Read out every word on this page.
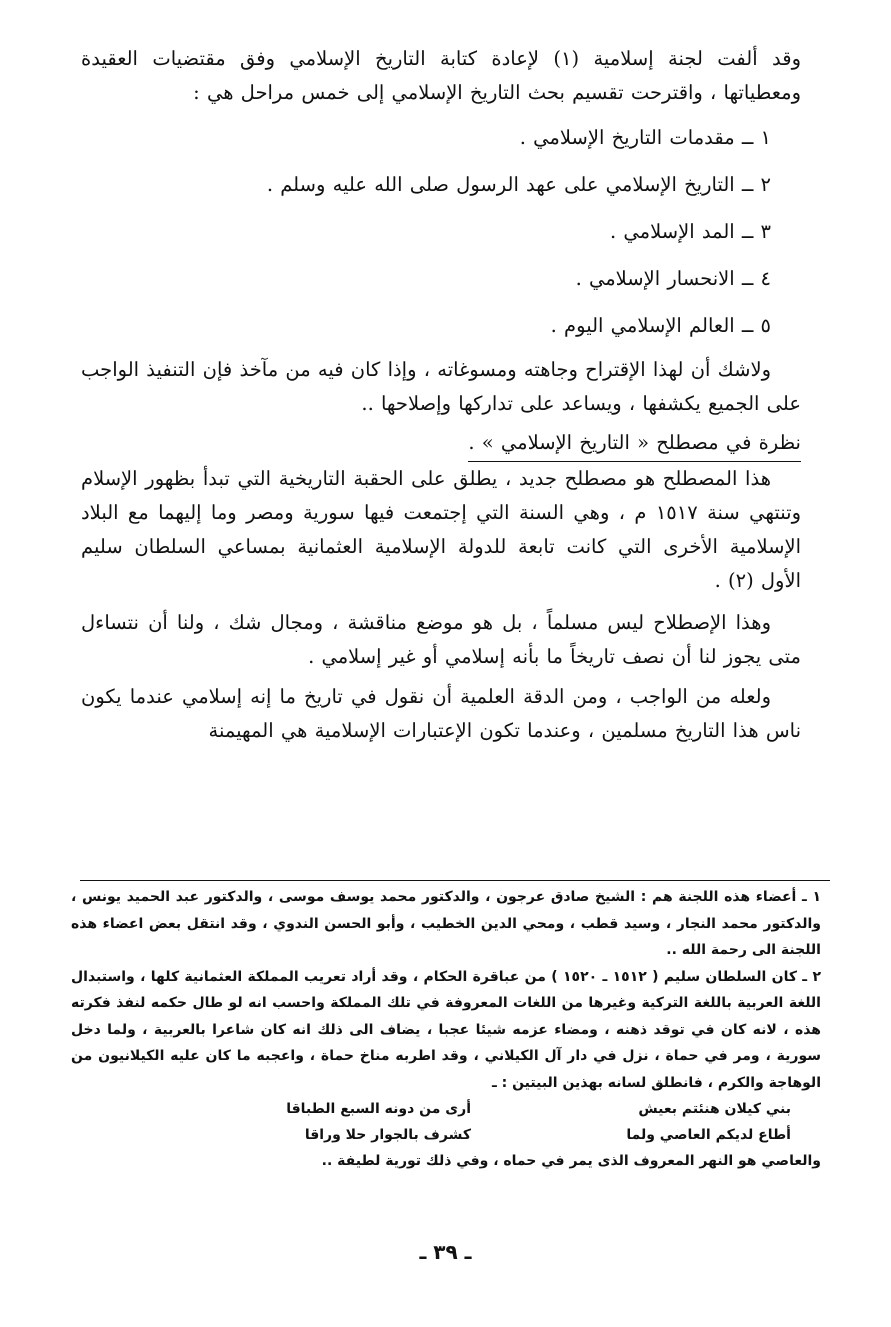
وقد ألفت لجنة إسلامية (١) لإعادة كتابة التاريخ الإسلامي وفق مقتضيات العقيدة ومعطياتها ، واقترحت تقسيم بحث التاريخ الإسلامي إلى خمس مراحل هي :

١ ــ مقدمات التاريخ الإسلامي .
٢ ــ التاريخ الإسلامي على عهد الرسول صلى الله عليه وسلم .
٣ ــ المد الإسلامي .
٤ ــ الانحسار الإسلامي .
٥ ــ العالم الإسلامي اليوم .

ولاشك أن لهذا الإقتراح وجاهته ومسوغاته ، وإذا كان فيه من مآخذ فإن التنفيذ الواجب على الجميع يكشفها ، ويساعد على تداركها وإصلاحها ..

نظرة في مصطلح « التاريخ الإسلامي » .

هذا المصطلح هو مصطلح جديد ، يطلق على الحقبة التاريخية التي تبدأ بظهور الإسلام وتنتهي سنة ١٥١٧ م ، وهي السنة التي إجتمعت فيها سورية ومصر وما إليهما مع البلاد الإسلامية الأخرى التي كانت تابعة للدولة الإسلامية العثمانية بمساعي السلطان سليم الأول (٢) .

وهذا الإصطلاح ليس مسلماً ، بل هو موضع مناقشة ، ومجال شك ، ولنا أن نتساءل متى يجوز لنا أن نصف تاريخاً ما بأنه إسلامي أو غير إسلامي .

ولعله من الواجب ، ومن الدقة العلمية أن نقول في تاريخ ما إنه إسلامي عندما يكون ناس هذا التاريخ مسلمين ، وعندما تكون الإعتبارات الإسلامية هي المهيمنة

١ ـ أعضاء هذه اللجنة هم : الشيخ صادق عرجون ، والدكتور محمد يوسف موسى ، والدكتور عبد الحميد يونس ، والدكتور محمد النجار ، وسيد قطب ، ومحي الدين الخطيب ، وأبو الحسن الندوي ، وقد انتقل بعض اعضاء هذه اللجنة الى رحمة الله ..

٢ ـ كان السلطان سليم ( ١٥١٢ ـ ١٥٢٠ ) من عباقرة الحكام ، وقد أراد تعريب المملكة العثمانية كلها ، واستبدال اللغة العربية باللغة التركية وغيرها من اللغات المعروفة في تلك المملكة واحسب انه لو طال حكمه لنفذ فكرته هذه ، لانه كان في توقد ذهنه ، ومضاء عزمه شيئا عجبا ، يضاف الى ذلك انه كان شاعرا بالعربية ، ولما دخل سورية ، ومر في حماة ، نزل في دار آل الكيلاني ، وقد اطربه مناخ حماة ، واعجبه ما كان عليه الكيلانيون من الوهاجة والكرم ، فانطلق لسانه بهذين البيتين : ـ

بني كيلان هنئتم بعيش
أرى من دونه السبع الطباقا
أطاع لديكم العاصي ولما
كشرف بالجوار حلا وراقا

والعاصي هو النهر المعروف الذى يمر في حماه ، وفي ذلك تورية لطيفة ..

ـ ٣٩ ـ
